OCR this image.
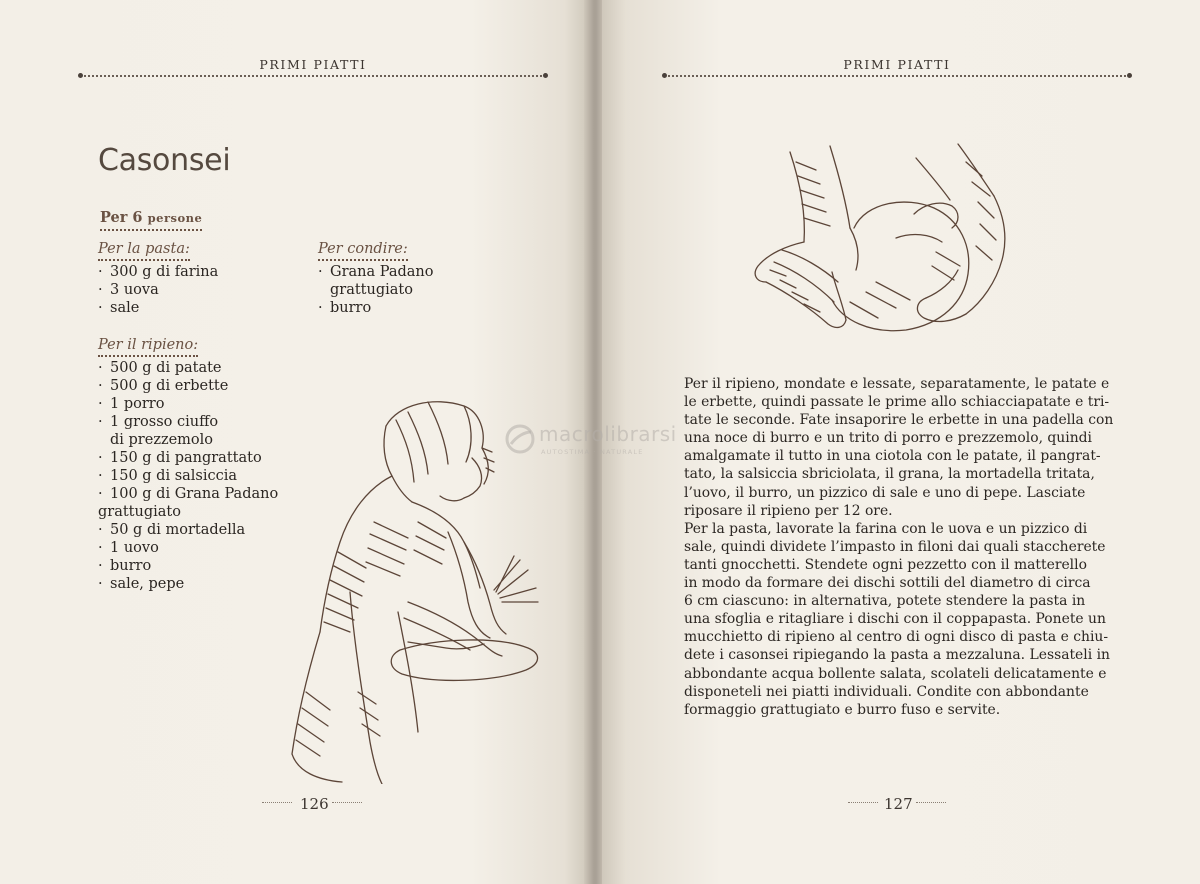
PRIMI PIATTI
Casonsei
Per 6 persone
Per la pasta:
· 300 g di farina
· 3 uova
· sale
Per condire:
· Grana Padano
grattugiato
· burro
Per il ripieno:
· 500 g di patate
· 500 g di erbette
· 1 porro
· 1 grosso ciuffo
di prezzemolo
· 150 g di pangrattato
· 150 g di salsiccia
· 100 g di Grana Padano
grattugiato
· 50 g di mortadella
· 1 uovo
· burro
· sale, pepe
126
PRIMI PIATTI

Per il ripieno, mondate e lessate, separatamente, le patate e
le erbette, quindi passate le prime allo schiacciapatate e tri-
tate le seconde. Fate insaporire le erbette in una padella con
una noce di burro e un trito di porro e prezzemolo, quindi
amalgamate il tutto in una ciotola con le patate, il pangrat-
tato, la salsiccia sbriciolata, il grana, la mortadella tritata,
l’uovo, il burro, un pizzico di sale e uno di pepe. Lasciate
riposare il ripieno per 12 ore.

Per la pasta, lavorate la farina con le uova e un pizzico di
sale, quindi dividete l’impasto in filoni dai quali staccherete
tanti gnocchetti. Stendete ogni pezzetto con il matterello
in modo da formare dei dischi sottili del diametro di circa
6 cm ciascuno: in alternativa, potete stendere la pasta in
una sfoglia e ritagliare i dischi con il coppapasta. Ponete un
mucchietto di ripieno al centro di ogni disco di pasta e chiu-
dete i casonsei ripiegando la pasta a mezzaluna. Lessateli in
abbondante acqua bollente salata, scolateli delicatamente e
disponeteli nei piatti individuali. Condite con abbondante
formaggio grattugiato e burro fuso e servite.

127
macrolibrarsi
AUTOSTIMA · NATURALE
